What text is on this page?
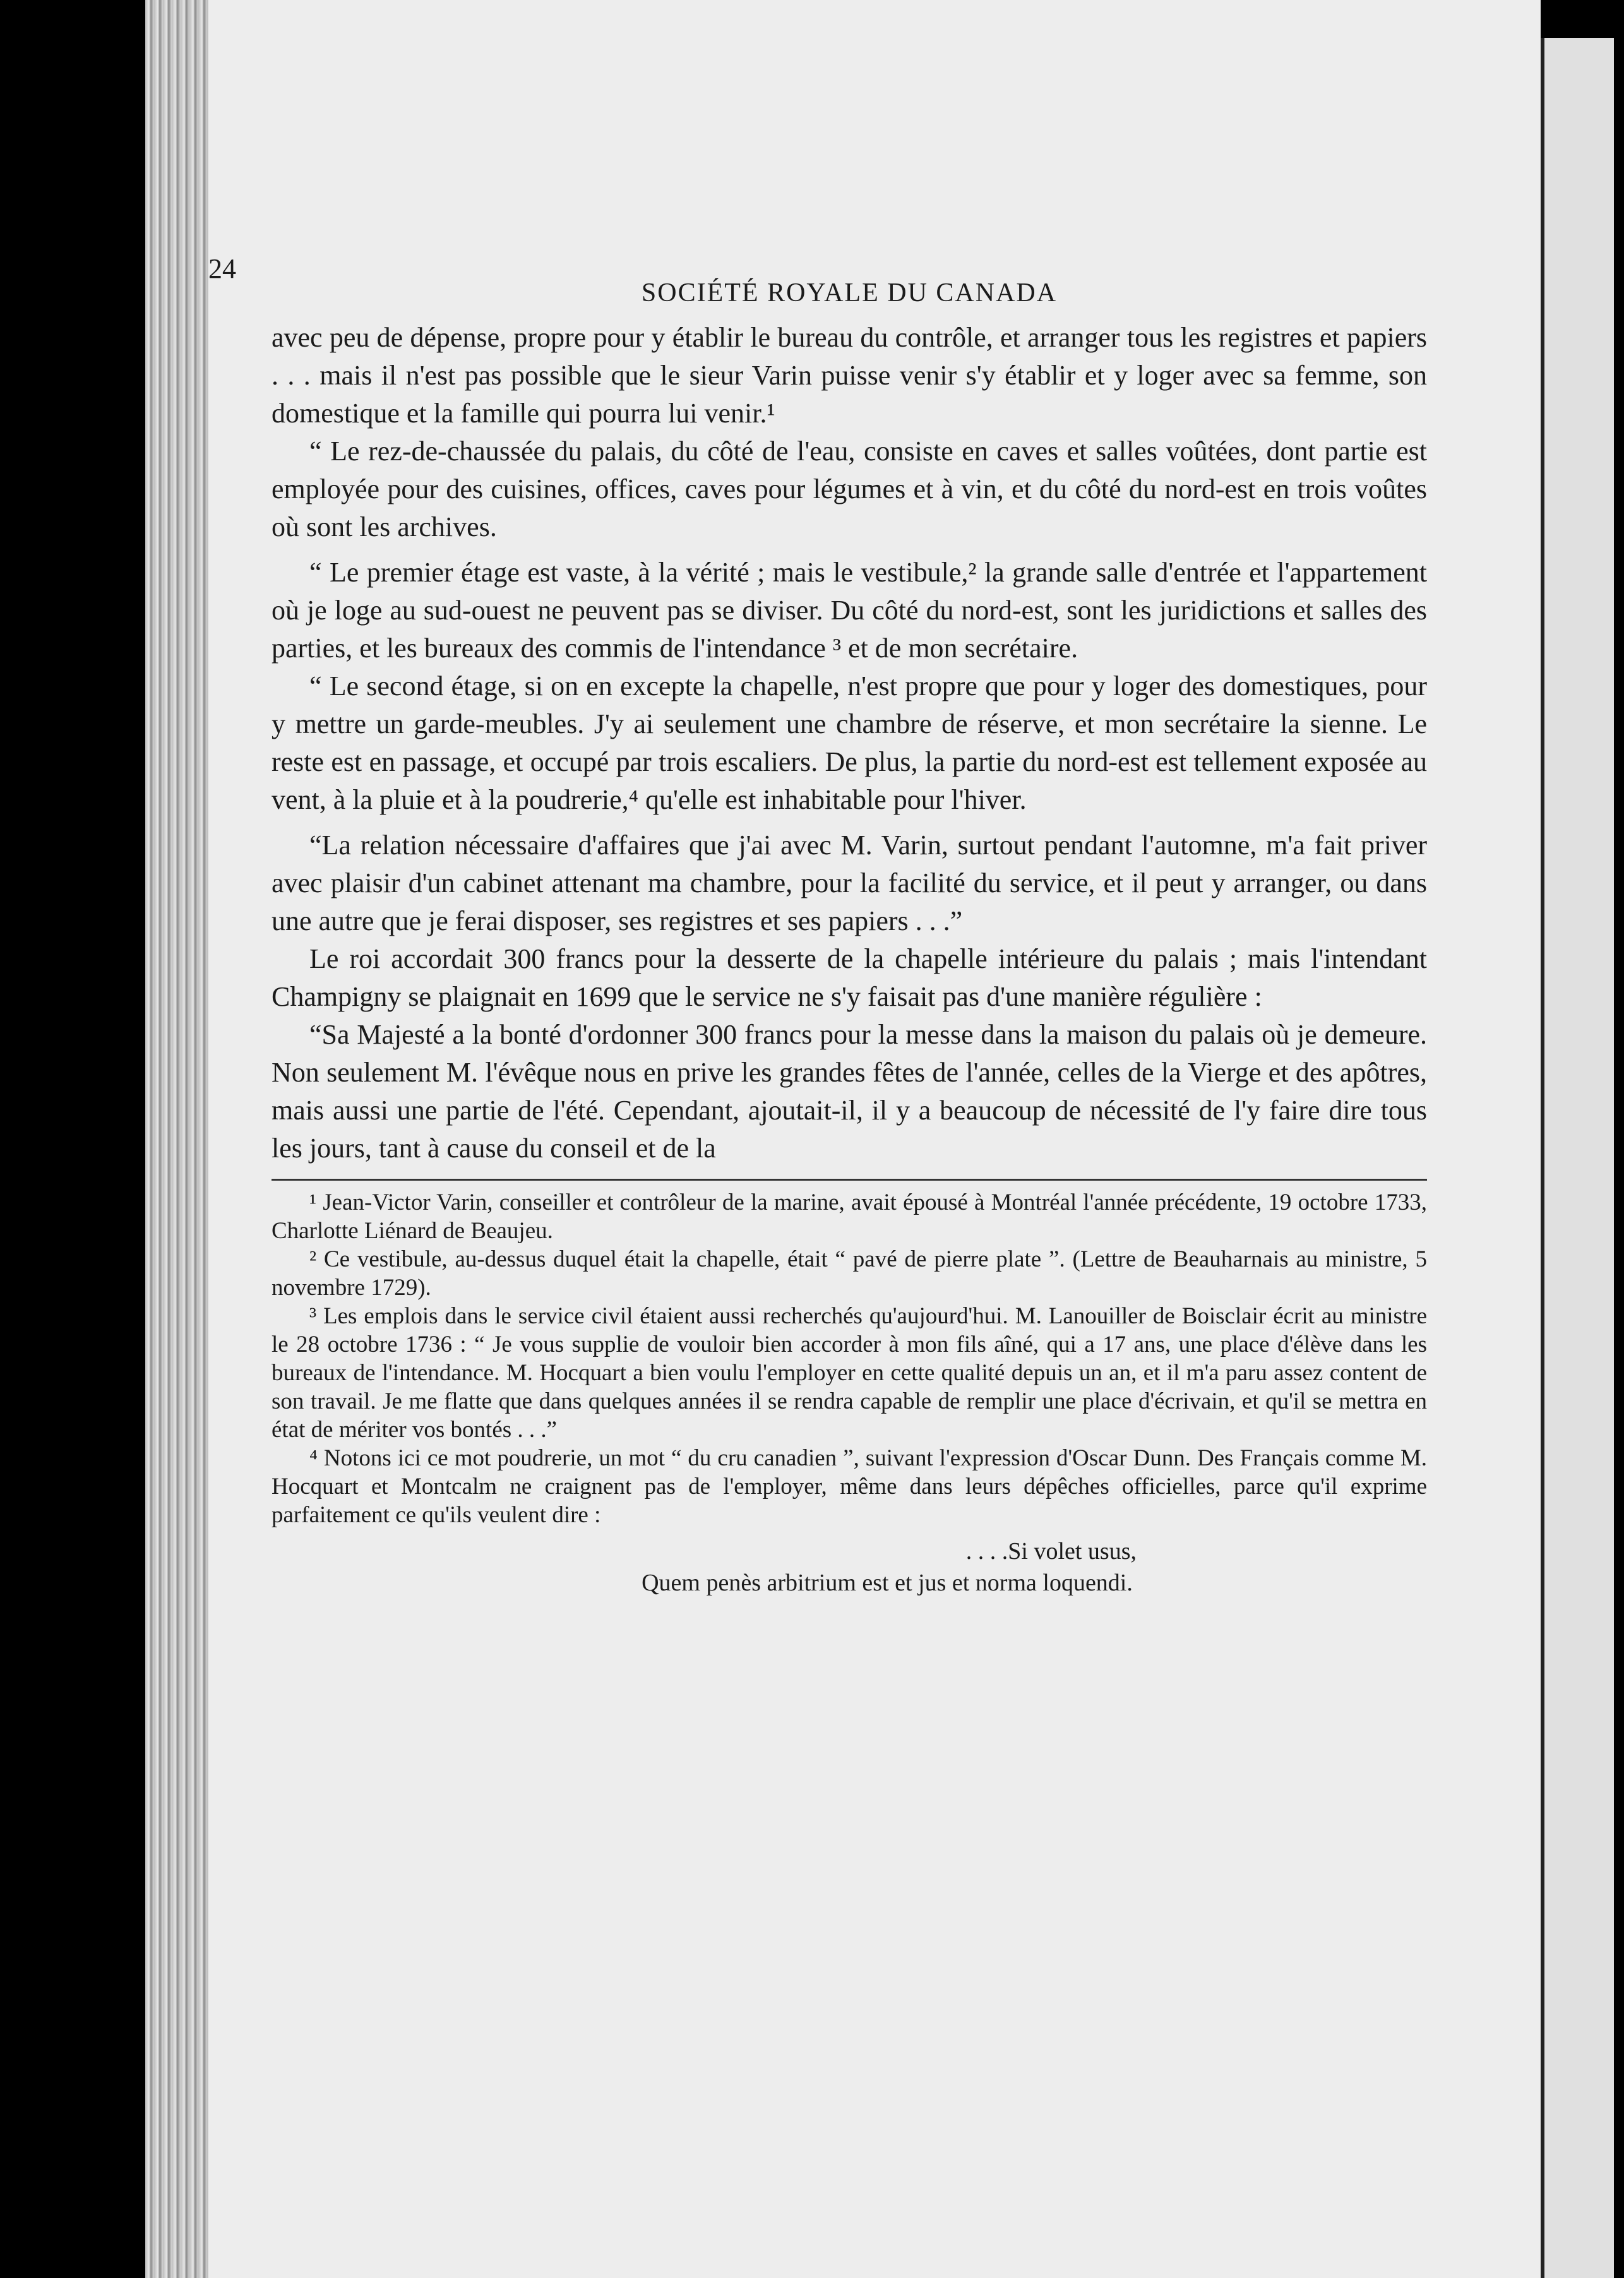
24
SOCIÉTÉ ROYALE DU CANADA

avec peu de dépense, propre pour y établir le bureau du contrôle, et arranger tous les registres et papiers . . . mais il n'est pas possible que le sieur Varin puisse venir s'y établir et y loger avec sa femme, son domestique et la famille qui pourra lui venir.¹

“ Le rez-de-chaussée du palais, du côté de l'eau, consiste en caves et salles voûtées, dont partie est employée pour des cuisines, offices, caves pour légumes et à vin, et du côté du nord-est en trois voûtes où sont les archives.

“ Le premier étage est vaste, à la vérité ; mais le vestibule,² la grande salle d'entrée et l'appartement où je loge au sud-ouest ne peuvent pas se diviser. Du côté du nord-est, sont les juridictions et salles des parties, et les bureaux des commis de l'intendance ³ et de mon secrétaire.

“ Le second étage, si on en excepte la chapelle, n'est propre que pour y loger des domestiques, pour y mettre un garde-meubles. J'y ai seulement une chambre de réserve, et mon secrétaire la sienne. Le reste est en passage, et occupé par trois escaliers. De plus, la partie du nord-est est tellement exposée au vent, à la pluie et à la poudrerie,⁴ qu'elle est inhabitable pour l'hiver.

“La relation nécessaire d'affaires que j'ai avec M. Varin, surtout pendant l'automne, m'a fait priver avec plaisir d'un cabinet attenant ma chambre, pour la facilité du service, et il peut y arranger, ou dans une autre que je ferai disposer, ses registres et ses papiers . . .”

Le roi accordait 300 francs pour la desserte de la chapelle intérieure du palais ; mais l'intendant Champigny se plaignait en 1699 que le service ne s'y faisait pas d'une manière régulière :

“Sa Majesté a la bonté d'ordonner 300 francs pour la messe dans la maison du palais où je demeure. Non seulement M. l'évêque nous en prive les grandes fêtes de l'année, celles de la Vierge et des apôtres, mais aussi une partie de l'été. Cependant, ajoutait-il, il y a beaucoup de nécessité de l'y faire dire tous les jours, tant à cause du conseil et de la

¹ Jean-Victor Varin, conseiller et contrôleur de la marine, avait épousé à Montréal l'année précédente, 19 octobre 1733, Charlotte Liénard de Beaujeu.

² Ce vestibule, au-dessus duquel était la chapelle, était “ pavé de pierre plate ”. (Lettre de Beauharnais au ministre, 5 novembre 1729).

³ Les emplois dans le service civil étaient aussi recherchés qu'aujourd'hui. M. Lanouiller de Boisclair écrit au ministre le 28 octobre 1736 : “ Je vous supplie de vouloir bien accorder à mon fils aîné, qui a 17 ans, une place d'élève dans les bureaux de l'intendance. M. Hocquart a bien voulu l'employer en cette qualité depuis un an, et il m'a paru assez content de son travail. Je me flatte que dans quelques années il se rendra capable de remplir une place d'écrivain, et qu'il se mettra en état de mériter vos bontés . . .”

⁴ Notons ici ce mot poudrerie, un mot “ du cru canadien ”, suivant l'expression d'Oscar Dunn. Des Français comme M. Hocquart et Montcalm ne craignent pas de l'employer, même dans leurs dépêches officielles, parce qu'il exprime parfaitement ce qu'ils veulent dire :

. . . .Si volet usus,
Quem penès arbitrium est et jus et norma loquendi.
